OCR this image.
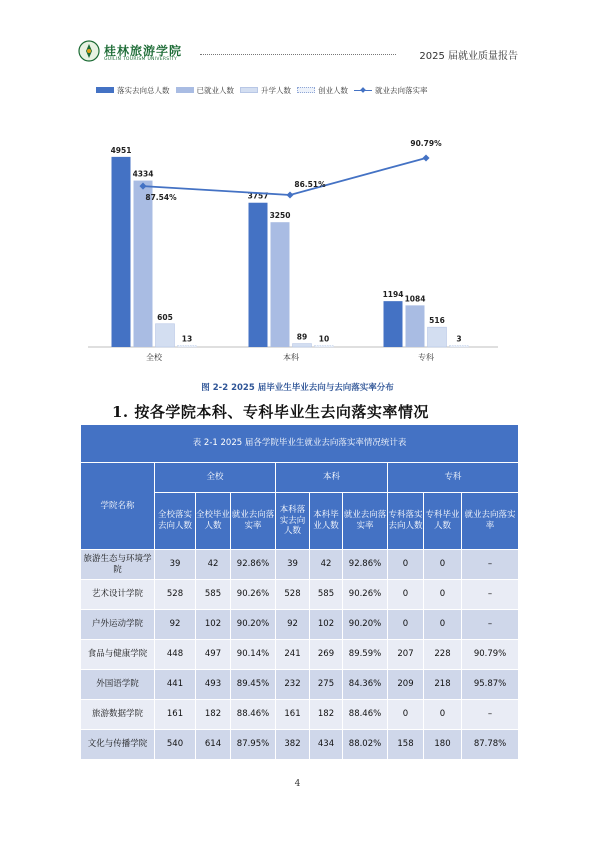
桂林旅游学院
GUILIN TOURISM UNIVERSITY	2025 届就业质量报告
落实去向总人数	已就业人数	升学人数	创业人数	就业去向落实率
4951
4334
605
13
全校
3757
3250
89 10
本科
1194 1084
516
3
专科
87.54%
86.51%
90.79%
图 2-2 2025 届毕业生毕业去向与去向落实率分布
1. 按各学院本科、专科毕业生去向落实率情况
表 2-1 2025 届各学院毕业生就业去向落实率情况统计表									
学院名称	全校			本科			专科		
	全校落实去向人数	全校毕业人数	就业去向落实率	本科落实去向人数	本科毕业人数	就业去向落实率	专科落实去向人数	专科毕业人数	就业去向落实率
旅游生态与环境学院	39	42	92.86%	39	42	92.86%	0	0	–
艺术设计学院	528	585	90.26%	528	585	90.26%	0	0	–
户外运动学院	92	102	90.20%	92	102	90.20%	0	0	–
食品与健康学院	448	497	90.14%	241	269	89.59%	207	228	90.79%
外国语学院	441	493	89.45%	232	275	84.36%	209	218	95.87%
旅游数据学院	161	182	88.46%	161	182	88.46%	0	0	–
文化与传播学院	540	614	87.95%	382	434	88.02%	158	180	87.78%
4
